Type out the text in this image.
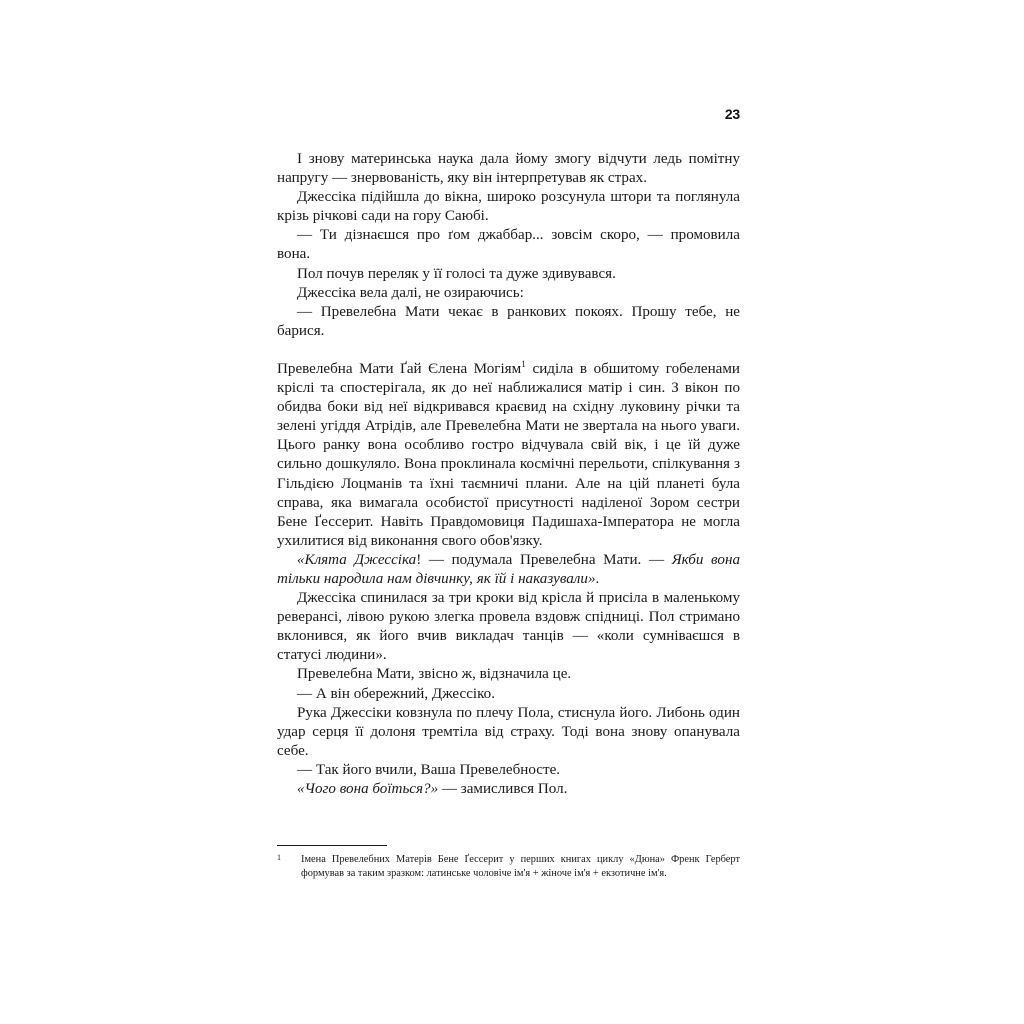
23

І знову материнська наука дала йому змогу відчути ледь помітну напругу — знервованість, яку він інтерпретував як страх.

Джессіка підійшла до вікна, широко розсунула штори та поглянула крізь річкові сади на гору Саюбі.

— Ти дізнаєшся про ґом джаббар... зовсім скоро, — промовила вона.

Пол почув переляк у її голосі та дуже здивувався.

Джессіка вела далі, не озираючись:

— Превелебна Мати чекає в ранкових покоях. Прошу тебе, не барися.

Превелебна Мати Ґай Єлена Могіям$^1$ сиділа в обшитому гобеленами кріслі та спостерігала, як до неї наближалися матір і син. З вікон по обидва боки від неї відкривався краєвид на східну луковину річки та зелені угіддя Атрідів, але Превелебна Мати не звертала на нього уваги. Цього ранку вона особливо гостро відчувала свій вік, і це їй дуже сильно дошкуляло. Вона проклинала космічні перельоти, спілкування з Гільдією Лоцманів та їхні таємничі плани. Але на цій планеті була справа, яка вимагала особистої присутності наділеної Зором сестри Бене Ґессерит. Навіть Правдомовиця Падишаха-Імператора не могла ухилитися від виконання свого обов'язку.

«Клята Джессіка! — подумала Превелебна Мати. — Якби вона тільки народила нам дівчинку, як їй і наказували».

Джессіка спинилася за три кроки від крісла й присіла в маленькому реверансі, лівою рукою злегка провела вздовж спідниці. Пол стримано вклонився, як його вчив викладач танців — «коли сумніваєшся в статусі людини».

Превелебна Мати, звісно ж, відзначила це.

— А він обережний, Джессіко.

Рука Джессіки ковзнула по плечу Пола, стиснула його. Либонь один удар серця її долоня тремтіла від страху. Тоді вона знову опанувала себе.

— Так його вчили, Ваша Превелебносте.

«Чого вона боїться?» — замислився Пол.

1 Імена Превелебних Матерів Бене Ґессерит у перших книгах циклу «Дюна» Френк Герберт формував за таким зразком: латинське чоловіче ім'я + жіноче ім'я + екзотичне ім'я.
